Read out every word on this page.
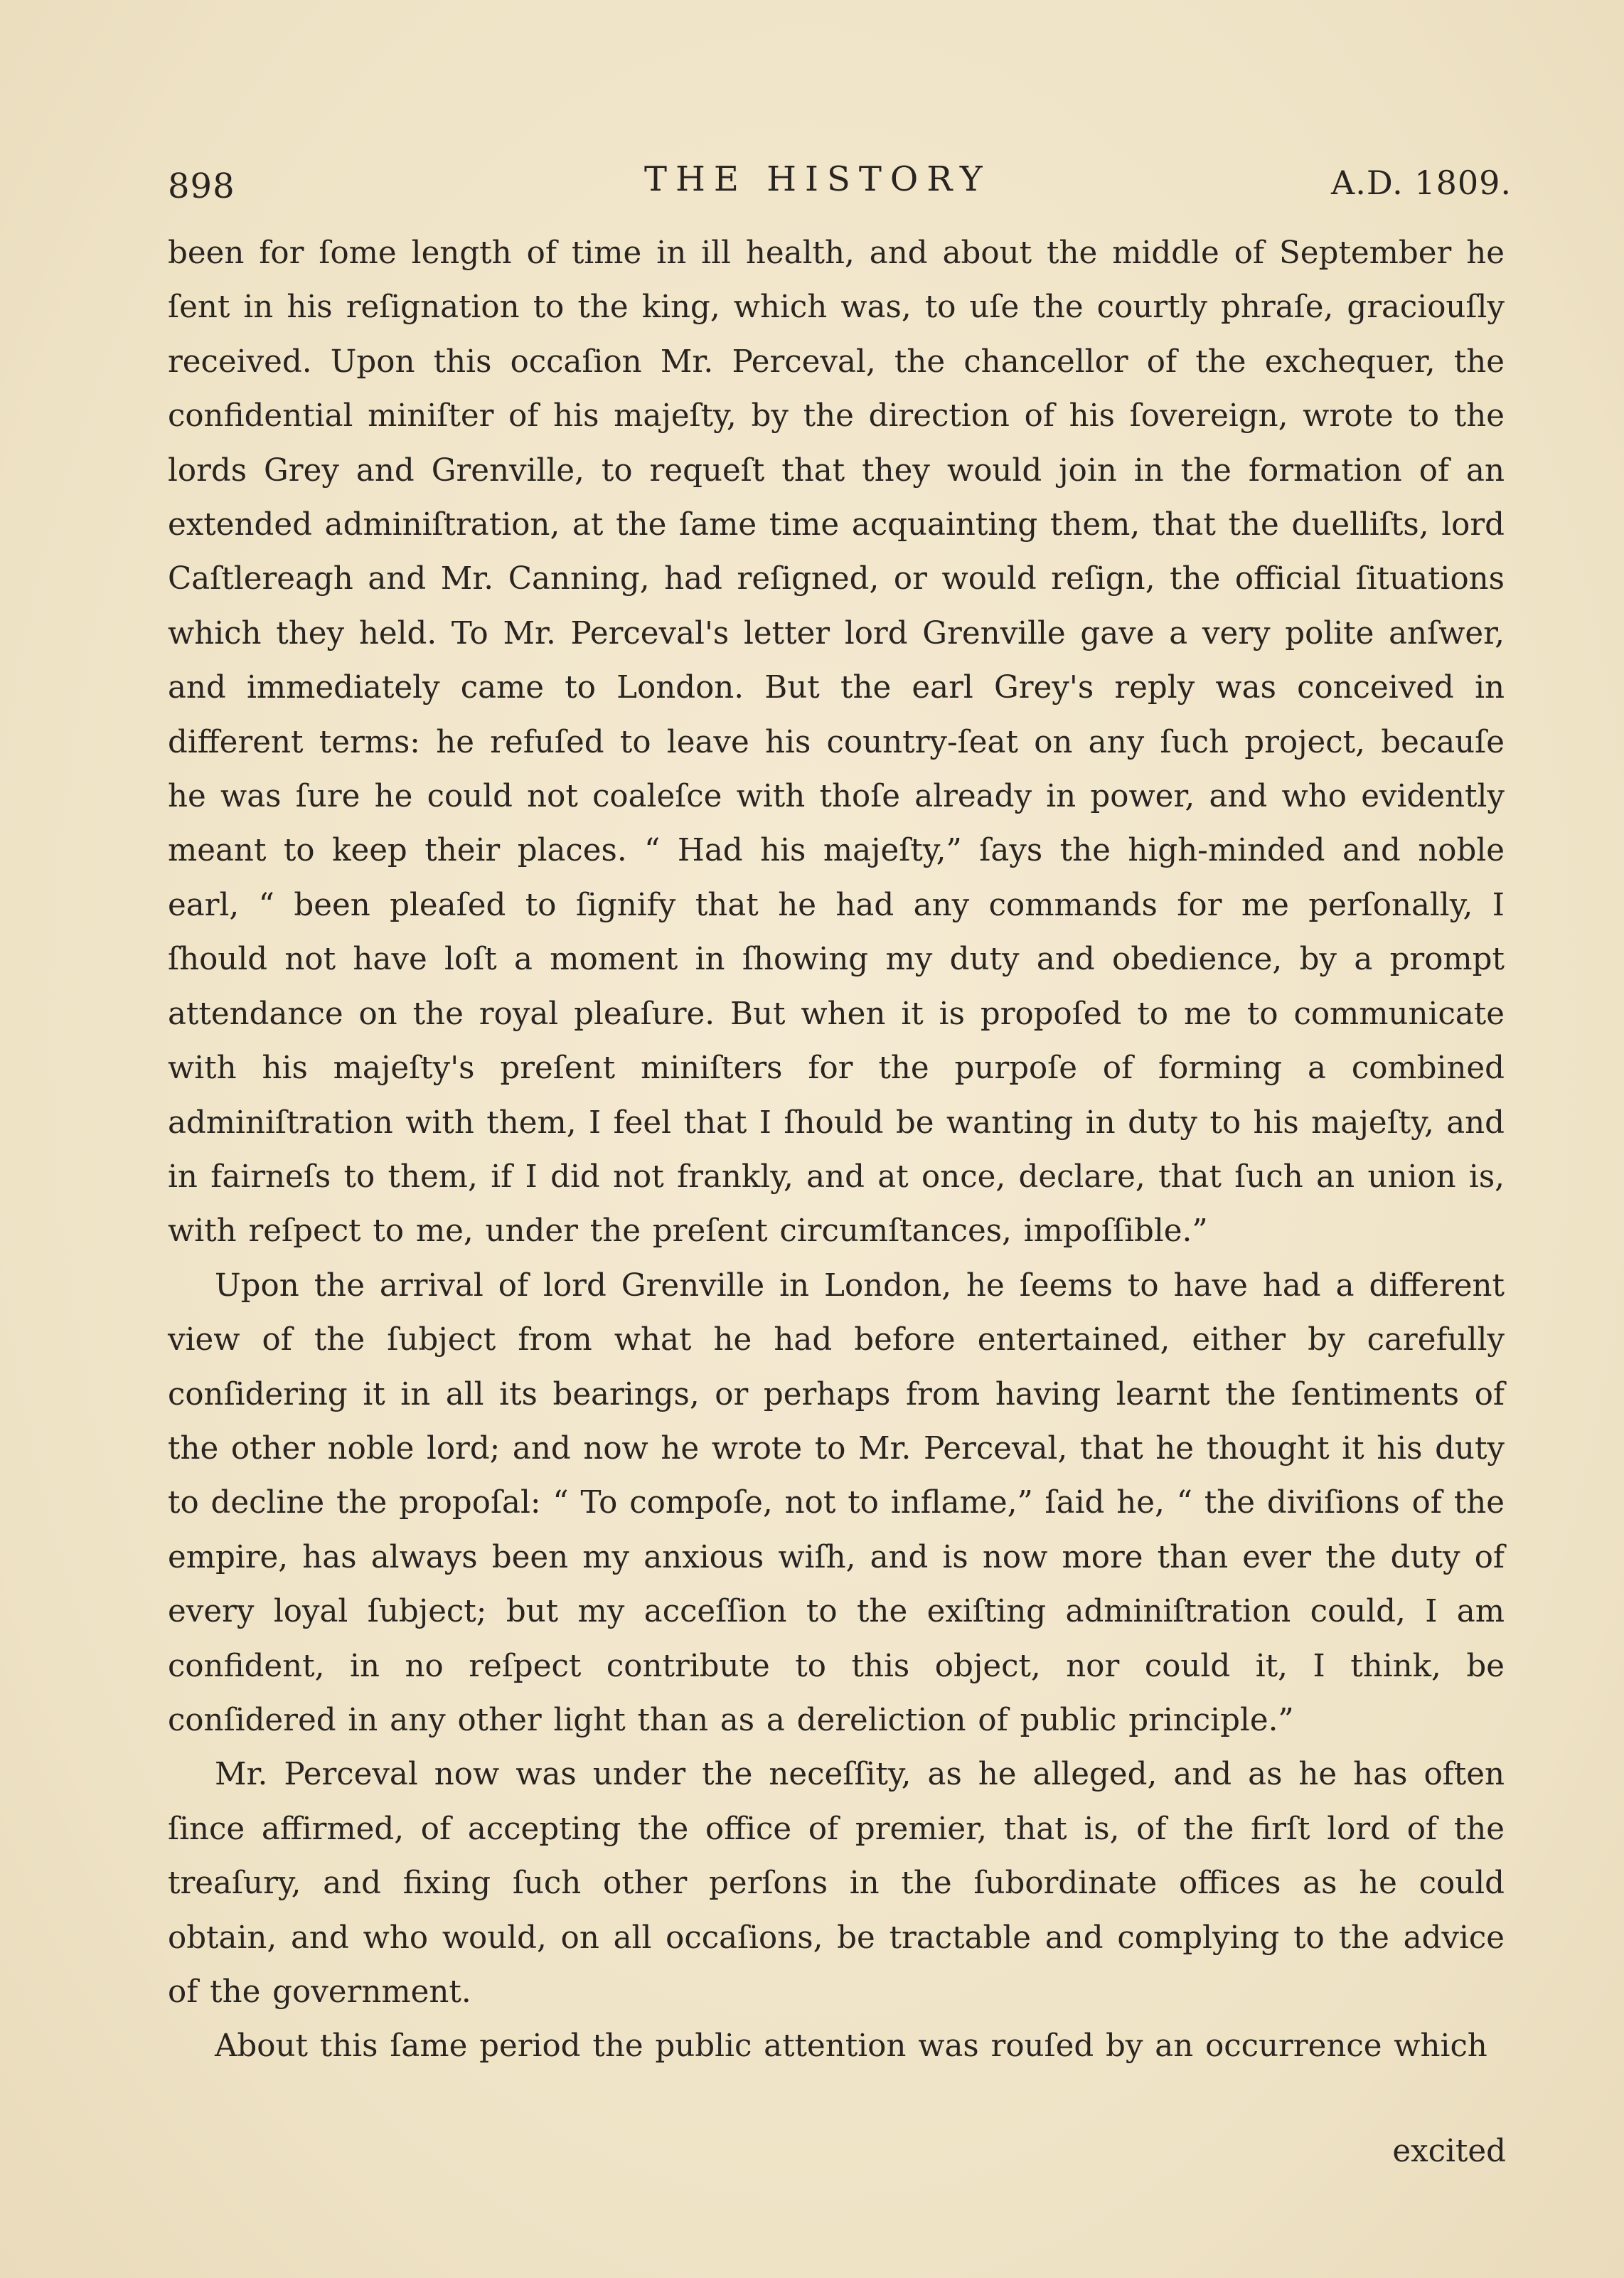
898	THE HISTORY	A.D. 1809.

been for ſome length of time in ill health, and about the middle of September he ſent in his reſignation to the king, which was, to uſe the courtly phraſe, graciouſly received. Upon this occaſion Mr. Perceval, the chancellor of the exchequer, the confidential miniſter of his majeſty, by the direction of his ſovereign, wrote to the lords Grey and Grenville, to requeſt that they would join in the formation of an extended adminiſtration, at the ſame time acquainting them, that the duelliſts, lord Caſtlereagh and Mr. Canning, had reſigned, or would reſign, the official ſituations which they held. To Mr. Perceval's letter lord Grenville gave a very polite anſwer, and immediately came to London. But the earl Grey's reply was conceived in different terms: he refuſed to leave his country-ſeat on any ſuch project, becauſe he was ſure he could not coaleſce with thoſe already in power, and who evidently meant to keep their places. “ Had his majeſty,” ſays the high-minded and noble earl, “ been pleaſed to ſignify that he had any commands for me perſonally, I ſhould not have loſt a moment in ſhowing my duty and obedience, by a prompt attendance on the royal pleaſure. But when it is propoſed to me to communicate with his majeſty's preſent miniſters for the purpoſe of forming a combined adminiſtration with them, I feel that I ſhould be wanting in duty to his majeſty, and in fairneſs to them, if I did not frankly, and at once, declare, that ſuch an union is, with reſpect to me, under the preſent circumſtances, impoſſible.”

Upon the arrival of lord Grenville in London, he ſeems to have had a different view of the ſubject from what he had before entertained, either by carefully conſidering it in all its bearings, or perhaps from having learnt the ſentiments of the other noble lord; and now he wrote to Mr. Perceval, that he thought it his duty to decline the propoſal: “ To compoſe, not to inflame,” ſaid he, “ the diviſions of the empire, has always been my anxious wiſh, and is now more than ever the duty of every loyal ſubject; but my acceſſion to the exiſting adminiſtration could, I am confident, in no reſpect contribute to this object, nor could it, I think, be conſidered in any other light than as a dereliction of public principle.”

Mr. Perceval now was under the neceſſity, as he alleged, and as he has often ſince affirmed, of accepting the office of premier, that is, of the firſt lord of the treaſury, and fixing ſuch other perſons in the ſubordinate offices as he could obtain, and who would, on all occaſions, be tractable and complying to the advice of the government.

About this ſame period the public attention was rouſed by an occurrence which

excited
